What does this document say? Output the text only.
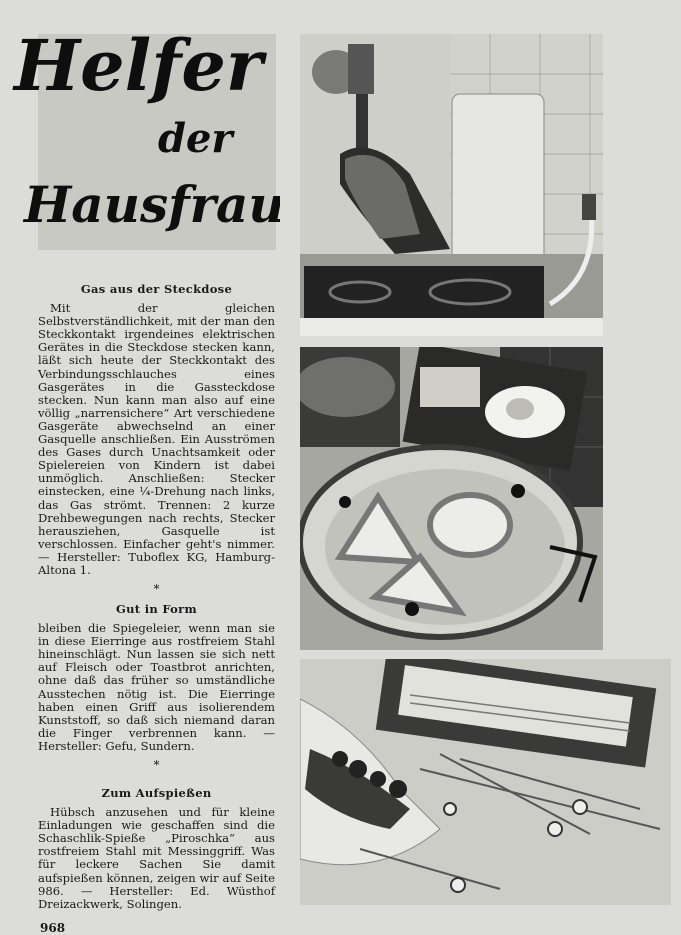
Helfer
der
Hausfrau
Gas aus der Steckdose

Mit der gleichen Selbstverständlichkeit, mit der man den Steckkontakt irgendeines elektrischen Gerätes in die Steckdose stecken kann, läßt sich heute der Steckkontakt des Verbindungsschlauches eines Gasgerätes in die Gassteckdose stecken. Nun kann man also auf eine völlig „narrensichere“ Art verschiedene Gasgeräte abwechselnd an einer Gasquelle anschließen. Ein Ausströmen des Gases durch Unachtsamkeit oder Spielereien von Kindern ist dabei unmöglich. Anschließen: Stecker einstecken, eine ¼-Drehung nach links, das Gas strömt. Trennen: 2 kurze Drehbewegungen nach rechts, Stecker herausziehen, Gasquelle ist verschlossen. Einfacher geht's nimmer. — Hersteller: Tuboflex KG, Hamburg-Altona 1.

*
Gut in Form

bleiben die Spiegeleier, wenn man sie in diese Eierringe aus rostfreiem Stahl hineinschlägt. Nun lassen sie sich nett auf Fleisch oder Toastbrot anrichten, ohne daß das früher so umständliche Ausstechen nötig ist. Die Eierringe haben einen Griff aus isolierendem Kunststoff, so daß sich niemand daran die Finger verbrennen kann. — Hersteller: Gefu, Sundern.

*
Zum Aufspießen

Hübsch anzusehen und für kleine Einladungen wie geschaffen sind die Schaschlik-Spieße „Piroschka“ aus rostfreiem Stahl mit Messinggriff. Was für leckere Sachen Sie damit aufspießen können, zeigen wir auf Seite 986. — Hersteller: Ed. Wüsthof Dreizackwerk, Solingen.

968
